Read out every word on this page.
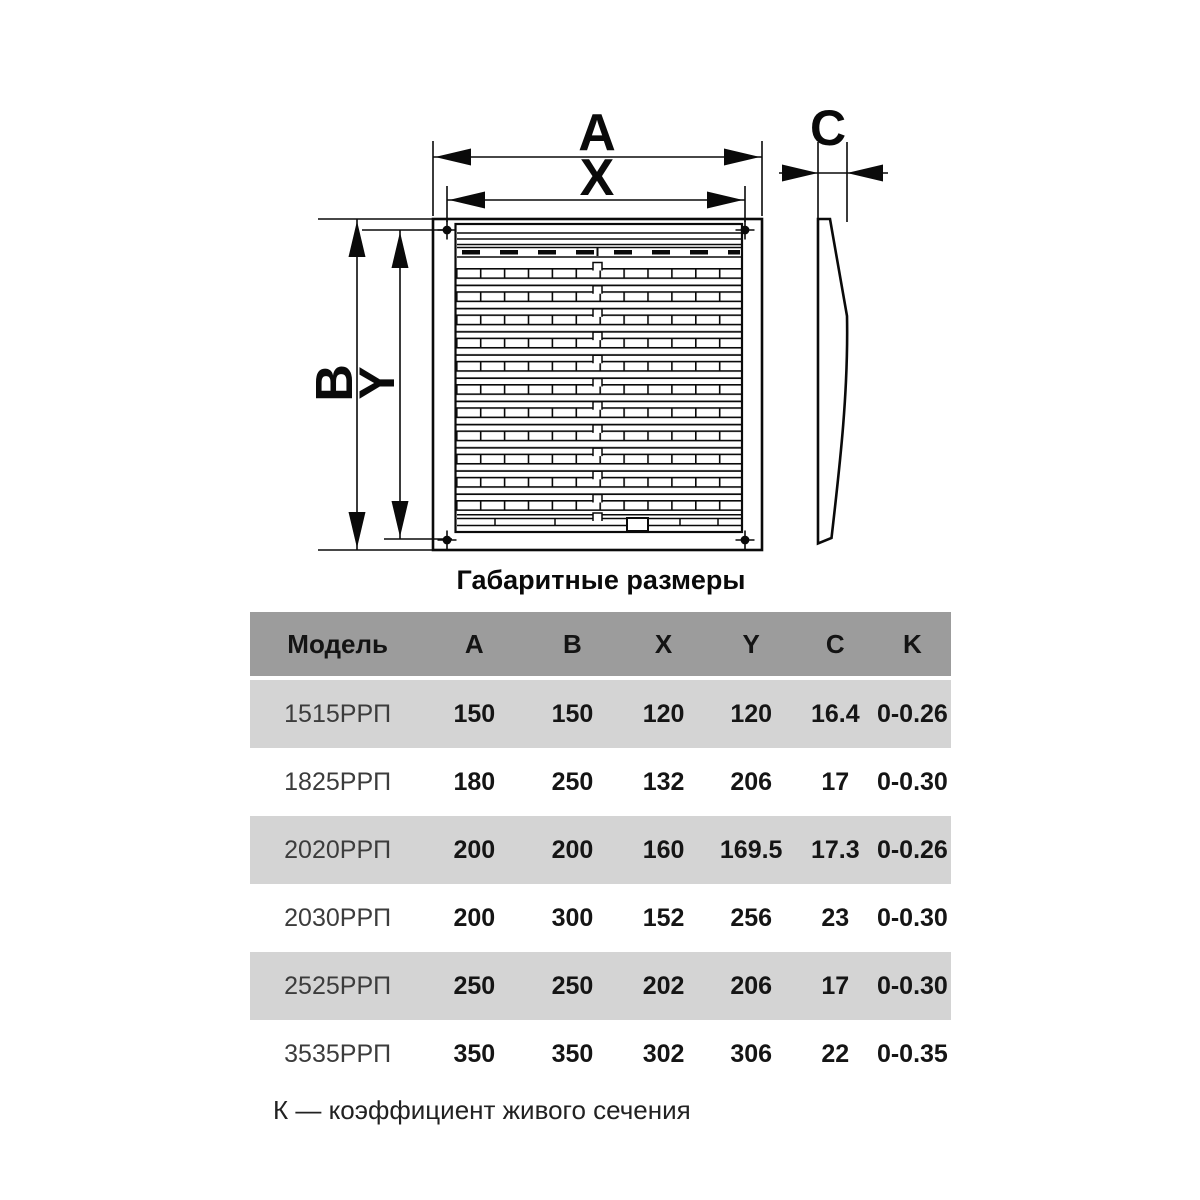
A
X
B
Y
C
Габаритные размеры
Модель	A	B	X	Y	C	K
1515РРП	150	150	120	120	16.4 0-0.26
1825РРП	180	250	132	206	17	0-0.30
2020РРП	200	200	160	169.5	17.3 0-0.26
2030РРП	200	300	152	256	23	0-0.30
2525РРП	250	250	202	206	17	0-0.30
3535РРП	350	350	302	306	22	0-0.35
К — коэффициент живого сечения
